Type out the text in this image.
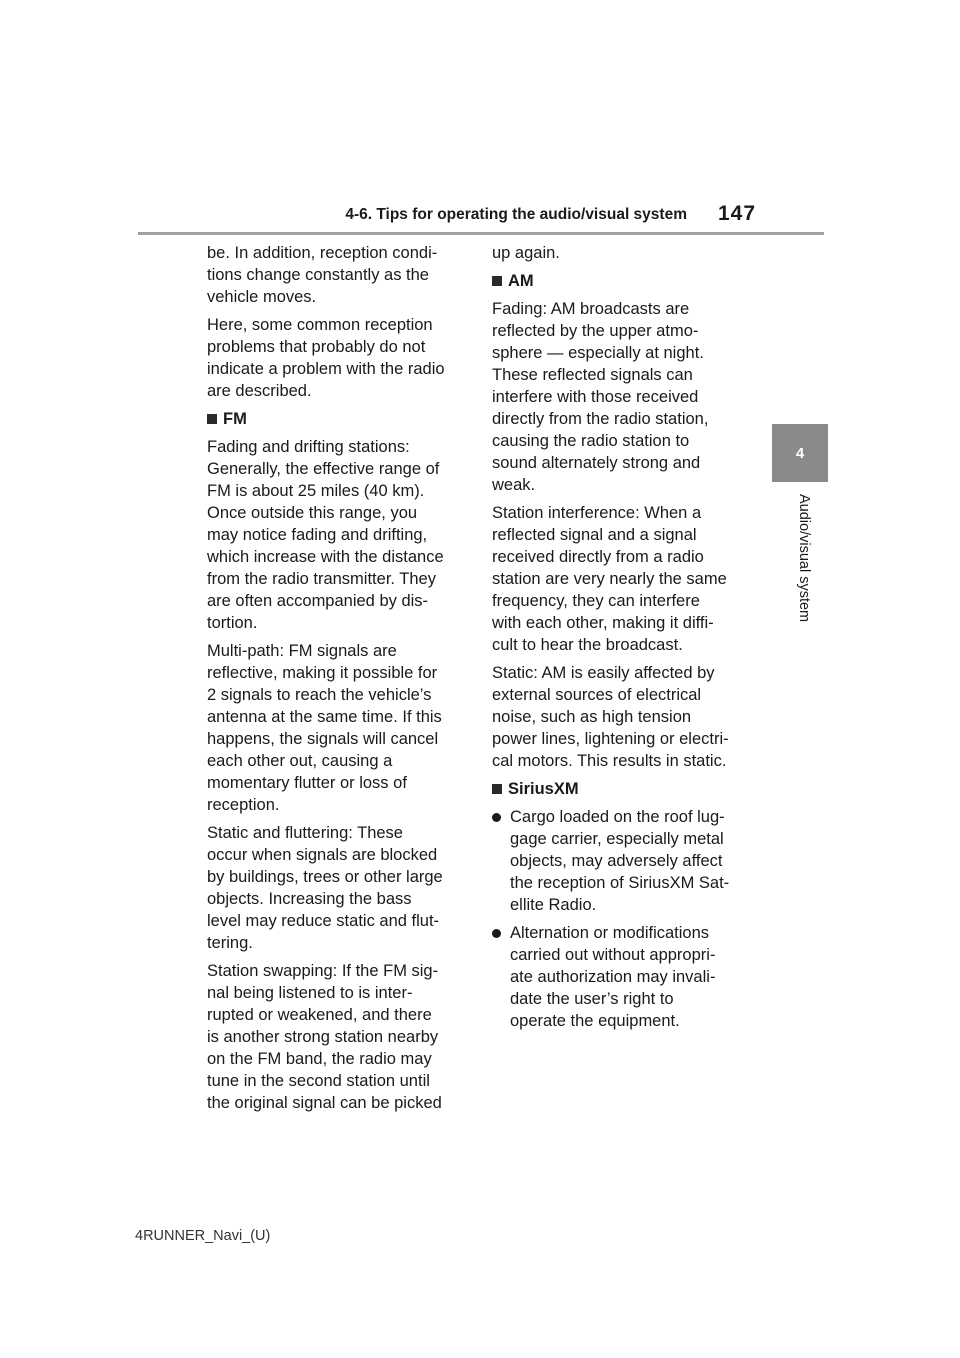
4-6. Tips for operating the audio/visual system 147
4
Audio/visual system

be. In addition, reception condi-
tions change constantly as the
vehicle moves.

Here, some common reception
problems that probably do not
indicate a problem with the radio
are described.

FM

Fading and drifting stations:
Generally, the effective range of
FM is about 25 miles (40 km).
Once outside this range, you
may notice fading and drifting,
which increase with the distance
from the radio transmitter. They
are often accompanied by dis-
tortion.

Multi-path: FM signals are
reflective, making it possible for
2 signals to reach the vehicle’s
antenna at the same time. If this
happens, the signals will cancel
each other out, causing a
momentary flutter or loss of
reception.

Static and fluttering: These
occur when signals are blocked
by buildings, trees or other large
objects. Increasing the bass
level may reduce static and flut-
tering.

Station swapping: If the FM sig-
nal being listened to is inter-
rupted or weakened, and there
is another strong station nearby
on the FM band, the radio may
tune in the second station until
the original signal can be picked

up again.

AM

Fading: AM broadcasts are
reflected by the upper atmo-
sphere — especially at night.
These reflected signals can
interfere with those received
directly from the radio station,
causing the radio station to
sound alternately strong and
weak.

Station interference: When a
reflected signal and a signal
received directly from a radio
station are very nearly the same
frequency, they can interfere
with each other, making it diffi-
cult to hear the broadcast.

Static: AM is easily affected by
external sources of electrical
noise, such as high tension
power lines, lightening or electri-
cal motors. This results in static.

SiriusXM
Cargo loaded on the roof lug-
gage carrier, especially metal
objects, may adversely affect
the reception of SiriusXM Sat-
ellite Radio.
Alternation or modifications
carried out without appropri-
ate authorization may invali-
date the user’s right to
operate the equipment.
4RUNNER_Navi_(U)
